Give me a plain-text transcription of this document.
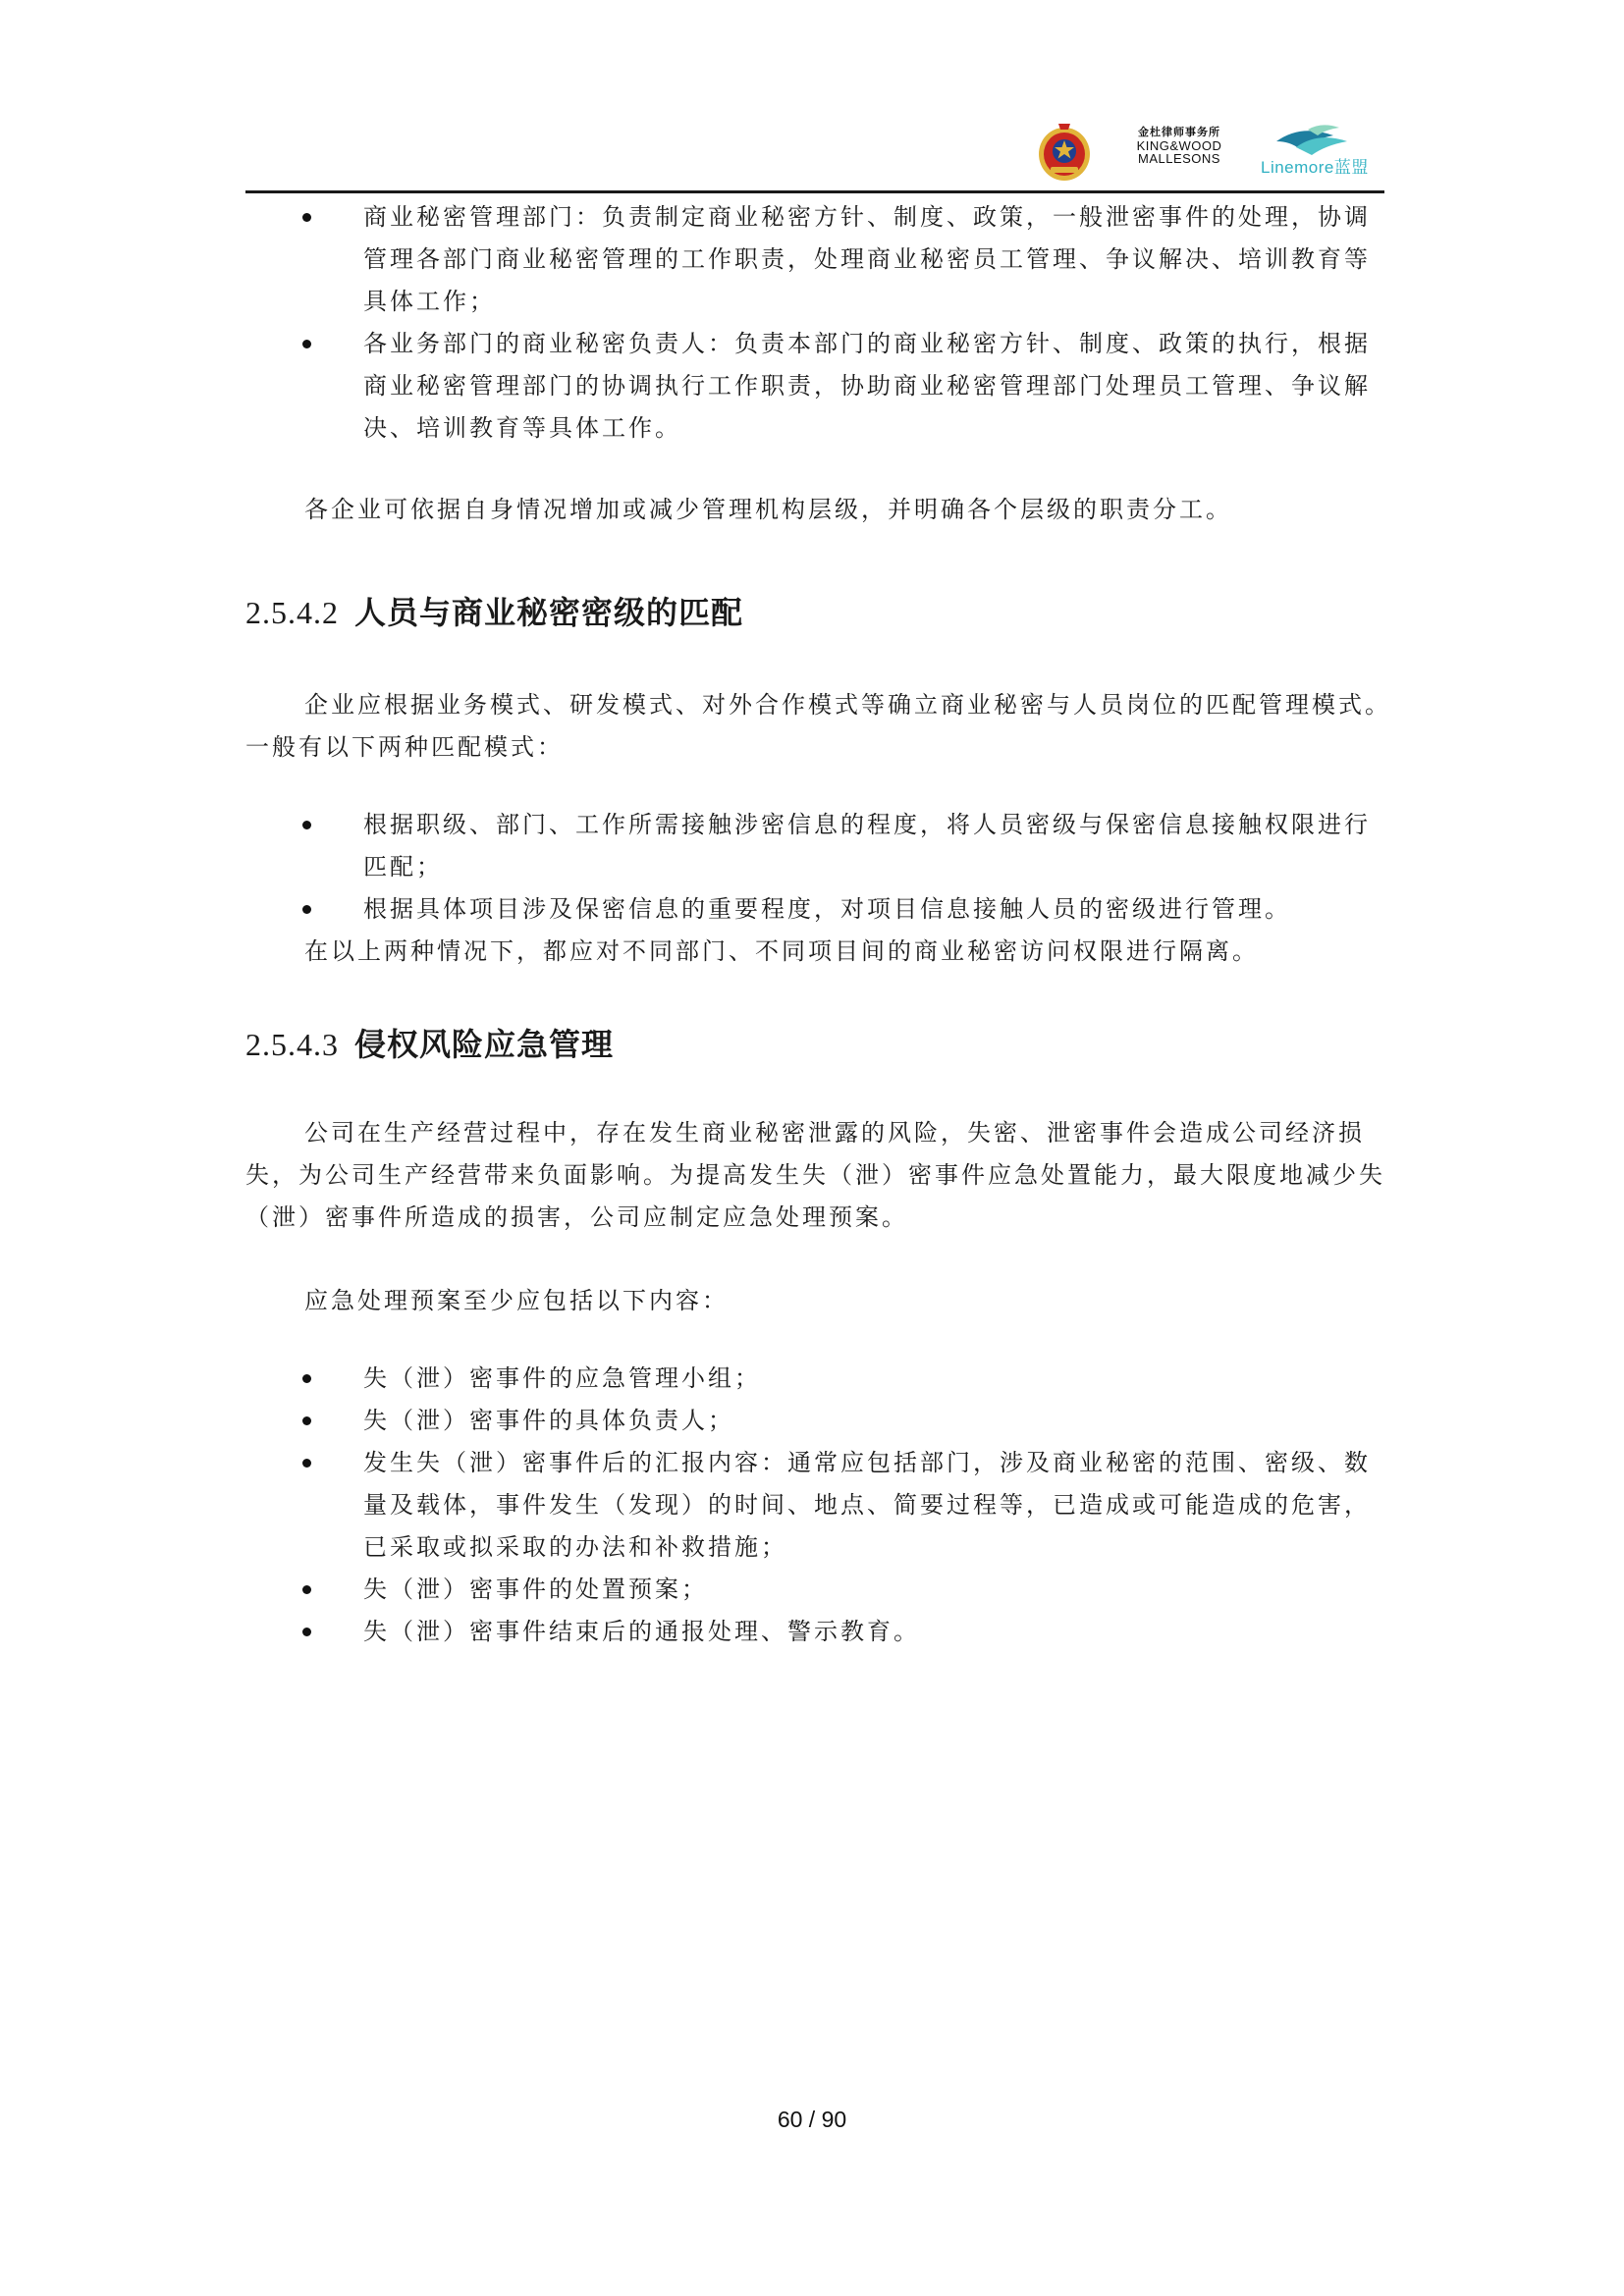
金杜律师事务所
KING&WOOD
MALLESONS	Linemore蓝盟
商业秘密管理部门：负责制定商业秘密方针、制度、政策，一般泄密事件的处理，协调管理各部门商业秘密管理的工作职责，处理商业秘密员工管理、争议解决、培训教育等具体工作；
各业务部门的商业秘密负责人：负责本部门的商业秘密方针、制度、政策的执行，根据商业秘密管理部门的协调执行工作职责，协助商业秘密管理部门处理员工管理、争议解决、培训教育等具体工作。

各企业可依据自身情况增加或减少管理机构层级，并明确各个层级的职责分工。

2.5.4.2 人员与商业秘密密级的匹配

企业应根据业务模式、研发模式、对外合作模式等确立商业秘密与人员岗位的匹配管理模式。一般有以下两种匹配模式：

根据职级、部门、工作所需接触涉密信息的程度，将人员密级与保密信息接触权限进行匹配；
根据具体项目涉及保密信息的重要程度，对项目信息接触人员的密级进行管理。

在以上两种情况下，都应对不同部门、不同项目间的商业秘密访问权限进行隔离。

2.5.4.3 侵权风险应急管理

公司在生产经营过程中，存在发生商业秘密泄露的风险，失密、泄密事件会造成公司经济损失，为公司生产经营带来负面影响。为提高发生失（泄）密事件应急处置能力，最大限度地减少失（泄）密事件所造成的损害，公司应制定应急处理预案。

应急处理预案至少应包括以下内容：

失（泄）密事件的应急管理小组；
失（泄）密事件的具体负责人；
发生失（泄）密事件后的汇报内容：通常应包括部门，涉及商业秘密的范围、密级、数量及载体，事件发生（发现）的时间、地点、简要过程等，已造成或可能造成的危害，已采取或拟采取的办法和补救措施；
失（泄）密事件的处置预案；
失（泄）密事件结束后的通报处理、警示教育。
60 / 90
